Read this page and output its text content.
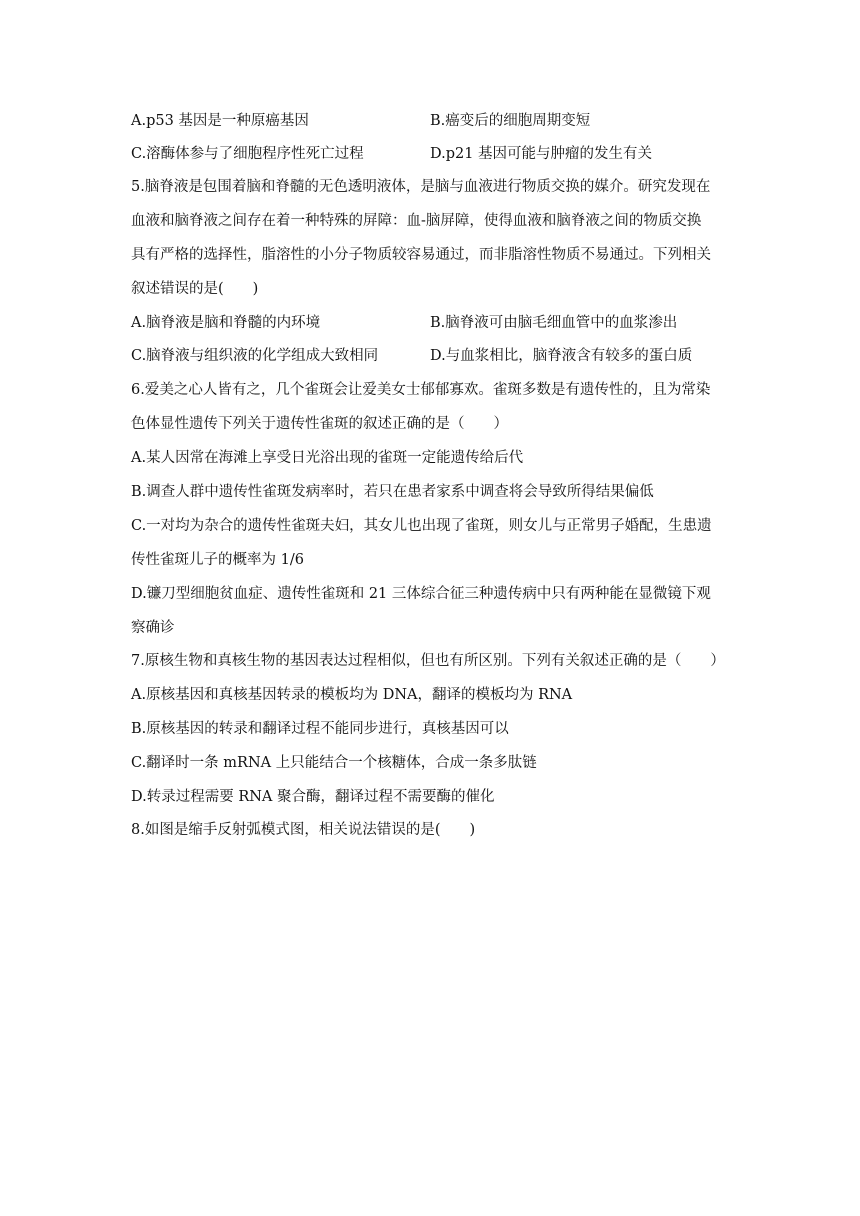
A.p53 基因是一种原癌基因	B.癌变后的细胞周期变短
C.溶酶体参与了细胞程序性死亡过程	D.p21 基因可能与肿瘤的发生有关
5.脑脊液是包围着脑和脊髓的无色透明液体，是脑与血液进行物质交换的媒介。研究发现在
血液和脑脊液之间存在着一种特殊的屏障：血-脑屏障，使得血液和脑脊液之间的物质交换
具有严格的选择性，脂溶性的小分子物质较容易通过，而非脂溶性物质不易通过。下列相关
叙述错误的是(　　)
A.脑脊液是脑和脊髓的内环境	B.脑脊液可由脑毛细血管中的血浆渗出
C.脑脊液与组织液的化学组成大致相同	D.与血浆相比，脑脊液含有较多的蛋白质
6.爱美之心人皆有之，几个雀斑会让爱美女士郁郁寡欢。雀斑多数是有遗传性的，且为常染
色体显性遗传下列关于遗传性雀斑的叙述正确的是（　　）
A.某人因常在海滩上享受日光浴出现的雀斑一定能遗传给后代
B.调查人群中遗传性雀斑发病率时，若只在患者家系中调查将会导致所得结果偏低
C.一对均为杂合的遗传性雀斑夫妇，其女儿也出现了雀斑，则女儿与正常男子婚配，生患遗
传性雀斑儿子的概率为 1/6
D.镰刀型细胞贫血症、遗传性雀斑和 21 三体综合征三种遗传病中只有两种能在显微镜下观
察确诊
7.原核生物和真核生物的基因表达过程相似，但也有所区别。下列有关叙述正确的是（　　）
A.原核基因和真核基因转录的模板均为 DNA，翻译的模板均为 RNA
B.原核基因的转录和翻译过程不能同步进行，真核基因可以
C.翻译时一条 mRNA 上只能结合一个核糖体，合成一条多肽链
D.转录过程需要 RNA 聚合酶，翻译过程不需要酶的催化
8.如图是缩手反射弧模式图，相关说法错误的是(　　)
